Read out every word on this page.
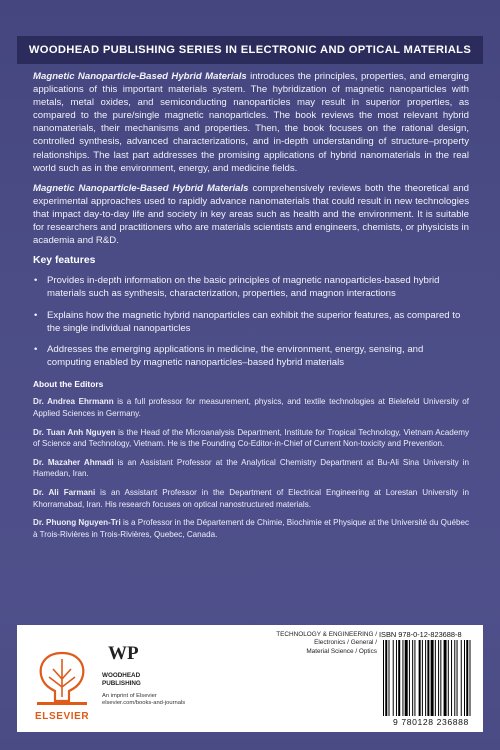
WOODHEAD PUBLISHING SERIES IN ELECTRONIC AND OPTICAL MATERIALS

Magnetic Nanoparticle-Based Hybrid Materials introduces the principles, properties, and emerging applications of this important materials system. The hybridization of magnetic nanoparticles with metals, metal oxides, and semiconducting nanoparticles may result in superior properties, as compared to the pure/single magnetic nanoparticles. The book reviews the most relevant hybrid nanomaterials, their mechanisms and properties. Then, the book focuses on the rational design, controlled synthesis, advanced characterizations, and in-depth understanding of structure–property relationships. The last part addresses the promising applications of hybrid nanomaterials in the real world such as in the environment, energy, and medicine fields.

Magnetic Nanoparticle-Based Hybrid Materials comprehensively reviews both the theoretical and experimental approaches used to rapidly advance nanomaterials that could result in new technologies that impact day-to-day life and society in key areas such as health and the environment. It is suitable for researchers and practitioners who are materials scientists and engineers, chemists, or physicists in academia and R&D.

Key features
• Provides in-depth information on the basic principles of magnetic nanoparticles-based hybrid materials such as synthesis, characterization, properties, and magnon interactions
• Explains how the magnetic hybrid nanoparticles can exhibit the superior features, as compared to the single individual nanoparticles
• Addresses the emerging applications in medicine, the environment, energy, sensing, and computing enabled by magnetic nanoparticles–based hybrid materials
About the Editors

Dr. Andrea Ehrmann is a full professor for measurement, physics, and textile technologies at Bielefeld University of Applied Sciences in Germany.

Dr. Tuan Anh Nguyen is the Head of the Microanalysis Department, Institute for Tropical Technology, Vietnam Academy of Science and Technology, Vietnam. He is the Founding Co-Editor-in-Chief of Current Non-toxicity and Prevention.

Dr. Mazaher Ahmadi is an Assistant Professor at the Analytical Chemistry Department at Bu-Ali Sina University in Hamedan, Iran.

Dr. Ali Farmani is an Assistant Professor in the Department of Electrical Engineering at Lorestan University in Khorramabad, Iran. His research focuses on optical nanostructured materials.

Dr. Phuong Nguyen-Tri is a Professor in the Département de Chimie, Biochimie et Physique at the Université du Québec à Trois-Rivières in Trois-Rivières, Quebec, Canada.

ELSEVIER
WP
WOODHEAD
PUBLISHING
An imprint of Elsevier
elsevier.com/books-and-journals
TECHNOLOGY & ENGINEERING /
Electronics / General /
Material Science / Optics
ISBN 978-0-12-823688-8
9 780128 236888
